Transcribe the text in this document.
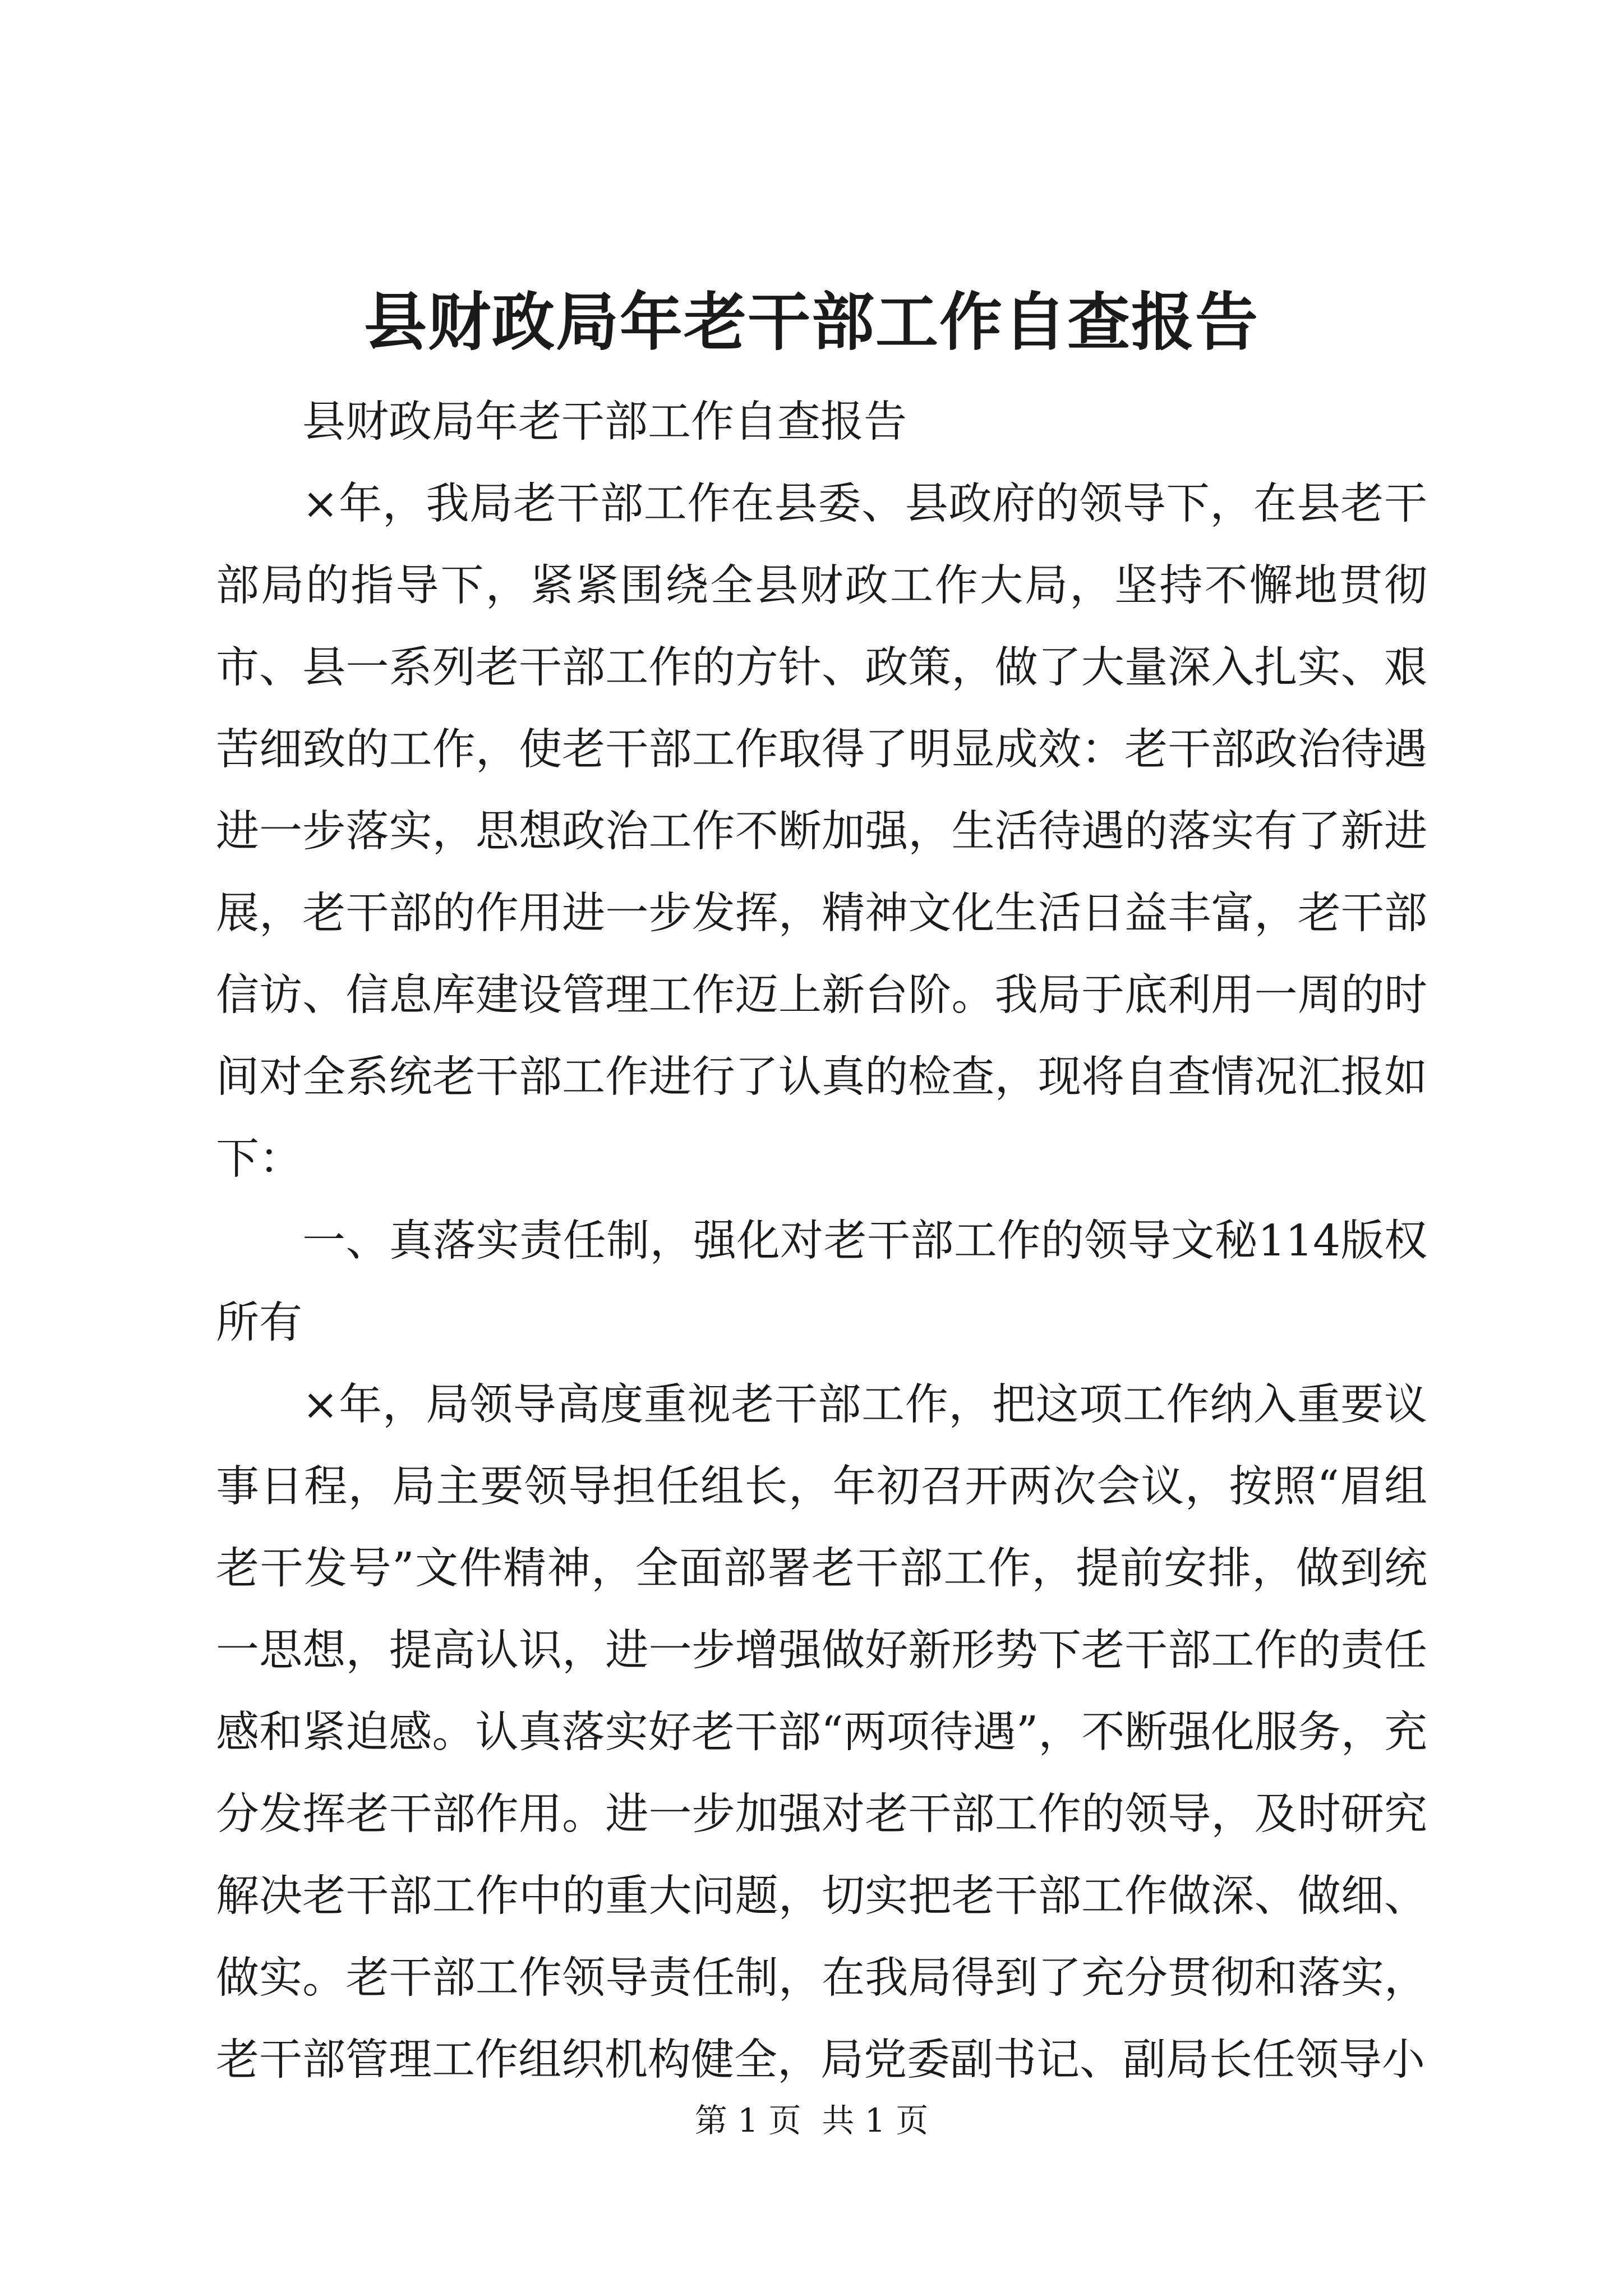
县财政局年老干部工作自查报告

县财政局年老干部工作自查报告

×年，我局老干部工作在县委、县政府的领导下，在县老干部局的指导下，紧紧围绕全县财政工作大局，坚持不懈地贯彻市、县一系列老干部工作的方针、政策，做了大量深入扎实、艰苦细致的工作，使老干部工作取得了明显成效：老干部政治待遇进一步落实，思想政治工作不断加强，生活待遇的落实有了新进展，老干部的作用进一步发挥，精神文化生活日益丰富，老干部信访、信息库建设管理工作迈上新台阶。我局于底利用一周的时间对全系统老干部工作进行了认真的检查，现将自查情况汇报如下：

一、真落实责任制，强化对老干部工作的领导文秘114版权所有

×年，局领导高度重视老干部工作，把这项工作纳入重要议事日程，局主要领导担任组长，年初召开两次会议，按照“眉组老干发号”文件精神，全面部署老干部工作，提前安排，做到统一思想，提高认识，进一步增强做好新形势下老干部工作的责任感和紧迫感。认真落实好老干部“两项待遇”，不断强化服务，充分发挥老干部作用。进一步加强对老干部工作的领导，及时研究解决老干部工作中的重大问题，切实把老干部工作做深、做细、做实。老干部工作领导责任制，在我局得到了充分贯彻和落实，老干部管理工作组织机构健全，局党委副书记、副局长任领导小

第 1 页  共 1 页
